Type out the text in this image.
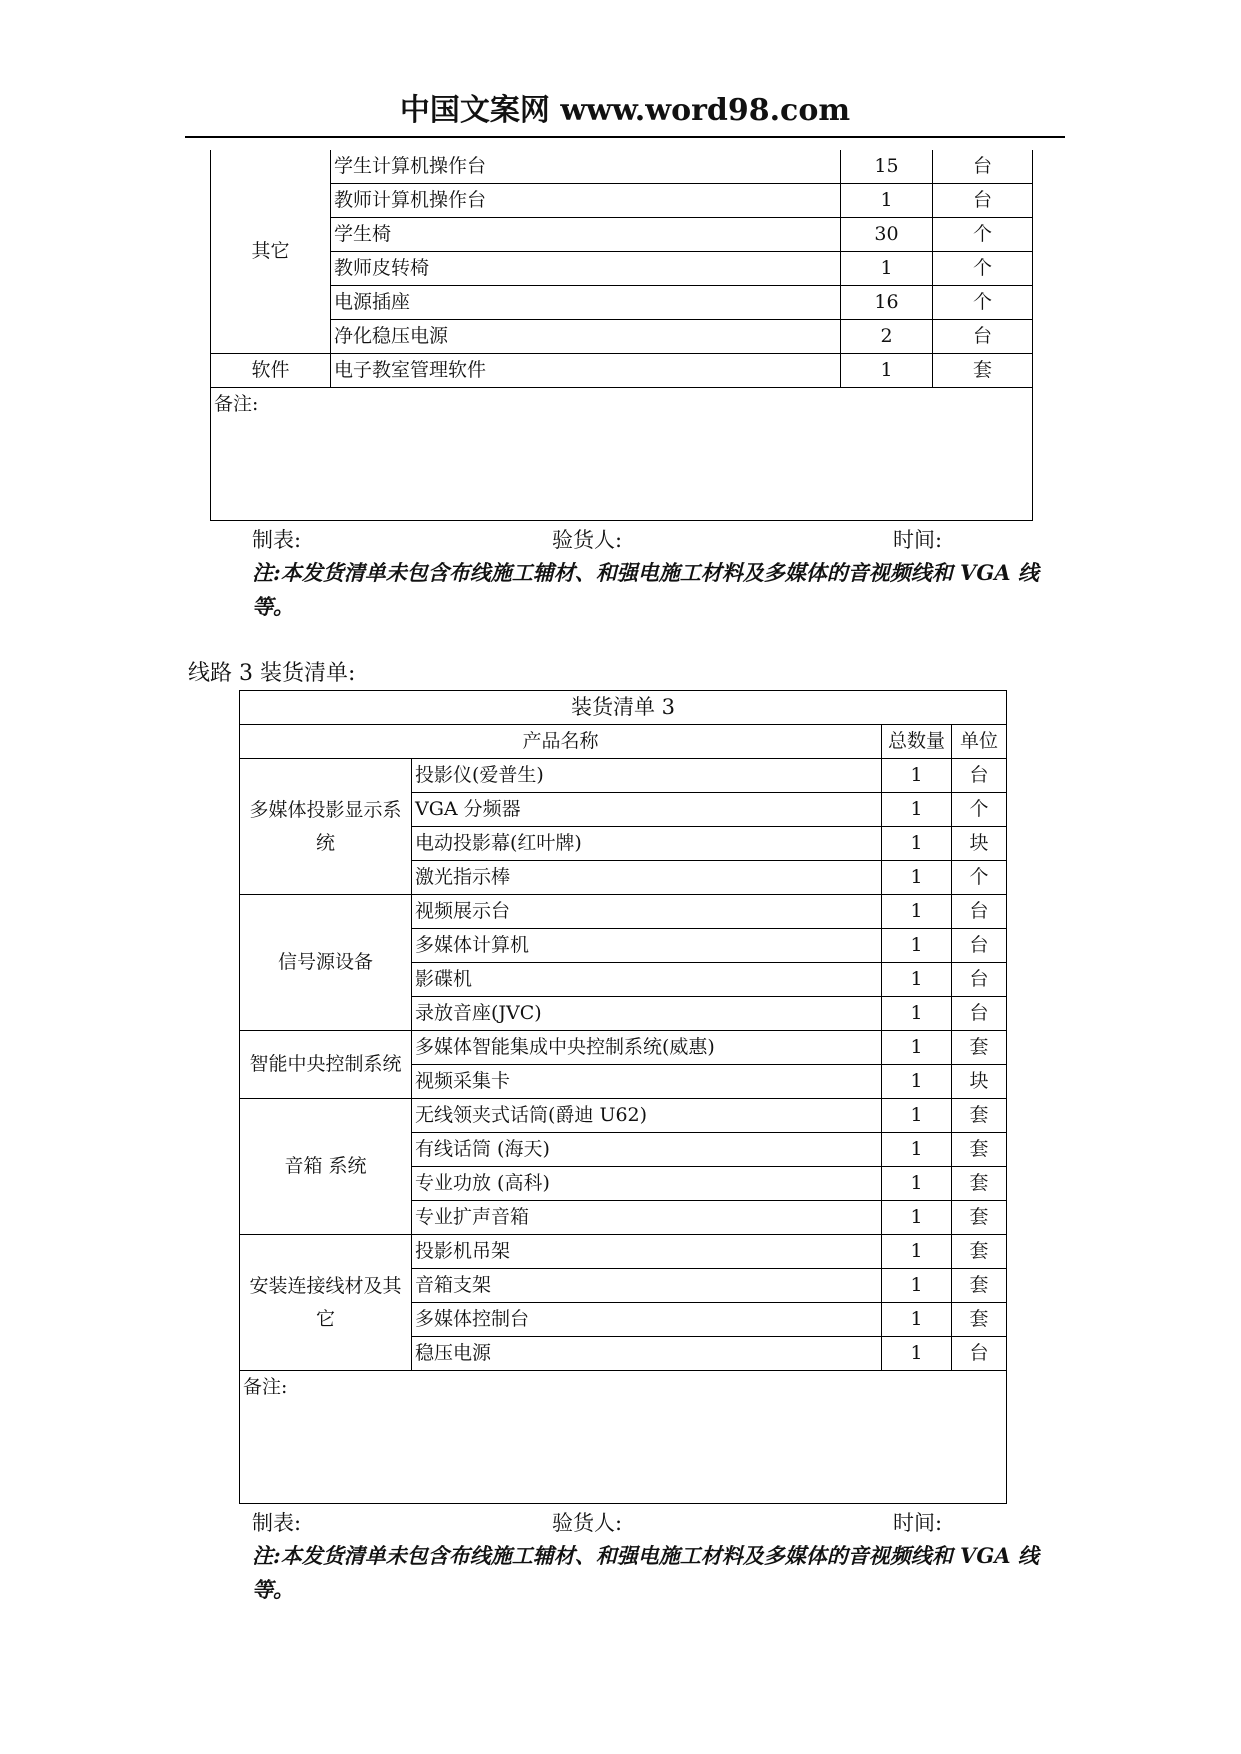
中国文案网 www.word98.com
其它	学生计算机操作台	15	台
	教师计算机操作台	1	台
	学生椅	30	个
	教师皮转椅	1	个
	电源插座	16	个
	净化稳压电源	2	台
软件	电子教室管理软件	1	套
备注:			
制表:	验货人:	时间:
注:本发货清单未包含布线施工辅材、和强电施工材料及多媒体的音视频线和 VGA 线等。
线路 3 装货清单:
装货清单 3			
产品名称		总数量	单位
多媒体投影显示系统	投影仪(爱普生)	1	台
	VGA 分频器	1	个
	电动投影幕(红叶牌)	1	块
	激光指示棒	1	个
信号源设备	视频展示台	1	台
	多媒体计算机	1	台
	影碟机	1	台
	录放音座(JVC)	1	台
智能中央控制系统	多媒体智能集成中央控制系统(威惠)	1	套
	视频采集卡	1	块
音箱 系统	无线领夹式话筒(爵迪 U62)	1	套
	有线话筒 (海天)	1	套
	专业功放 (高科)	1	套
	专业扩声音箱	1	套
安装连接线材及其它	投影机吊架	1	套
	音箱支架	1	套
	多媒体控制台	1	套
	稳压电源	1	台
备注:			
制表:	验货人:	时间:
注:本发货清单未包含布线施工辅材、和强电施工材料及多媒体的音视频线和 VGA 线等。
